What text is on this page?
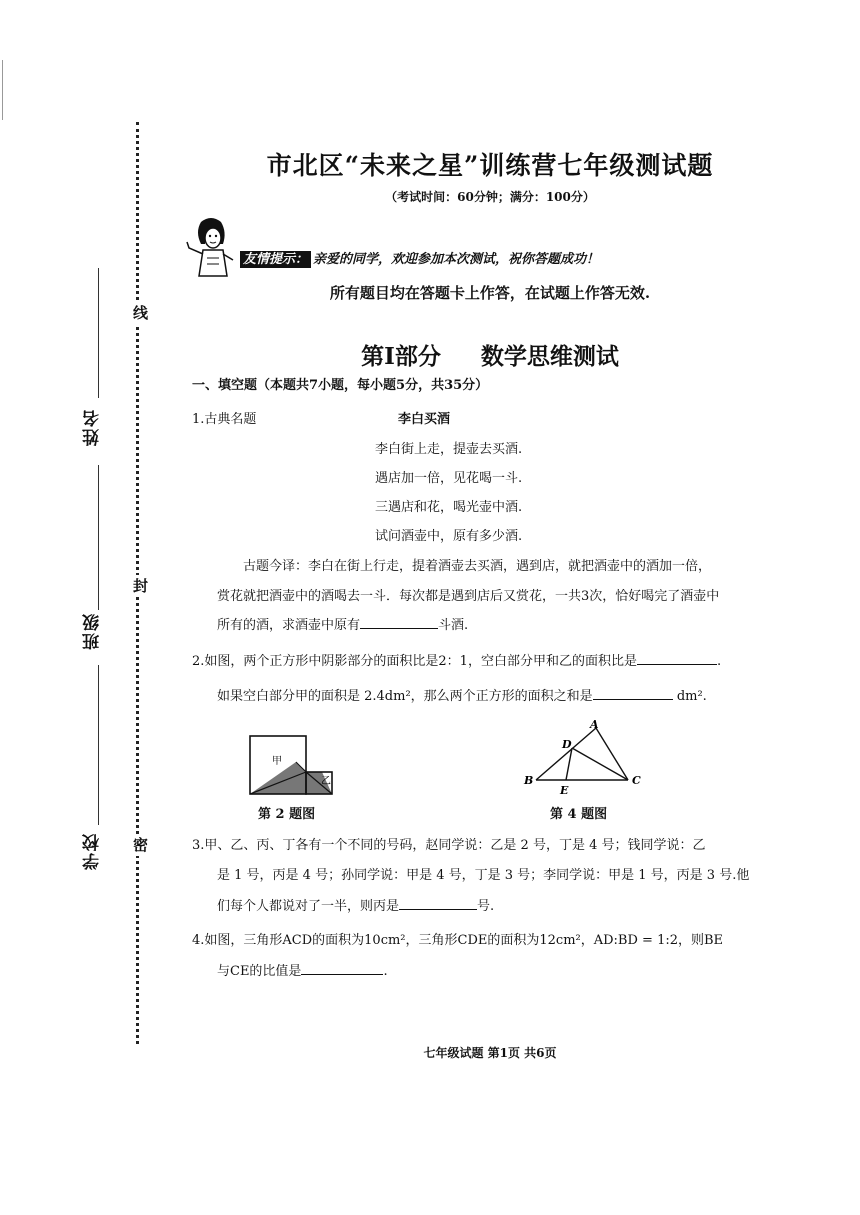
线
封
密
姓名
班级
学校
市北区“未来之星”训练营七年级测试题
（考试时间：60分钟；满分：100分）
友情提示： 亲爱的同学，欢迎参加本次测试，祝你答题成功！
所有题目均在答题卡上作答，在试题上作答无效.
第Ⅰ部分 数学思维测试
一、填空题（本题共7小题，每小题5分，共35分）
1.古典名题	李白买酒
李白街上走，提壶去买酒.
遇店加一倍，见花喝一斗.
三遇店和花，喝光壶中酒.
试问酒壶中，原有多少酒.
古题今译：李白在街上行走，提着酒壶去买酒，遇到店，就把酒壶中的酒加一倍，
赏花就把酒壶中的酒喝去一斗．每次都是遇到店后又赏花，一共3次，恰好喝完了酒壶中
所有的酒，求酒壶中原有	斗酒.
2.如图，两个正方形中阴影部分的面积比是2：1，空白部分甲和乙的面积比是	.
如果空白部分甲的面积是 2.4dm²，那么两个正方形的面积之和是	dm².
甲
乙
第 2 题图
A
D
B
E
C
第 4 题图
3.甲、乙、丙、丁各有一个不同的号码，赵同学说：乙是 2 号，丁是 4 号；钱同学说：乙
是 1 号，丙是 4 号；孙同学说：甲是 4 号，丁是 3 号；李同学说：甲是 1 号，丙是 3 号.他
们每个人都说对了一半，则丙是	号.
4.如图，三角形ACD的面积为10cm²，三角形CDE的面积为12cm²，AD:BD = 1:2，则BE
与CE的比值是	.
七年级试题 第1页 共6页
